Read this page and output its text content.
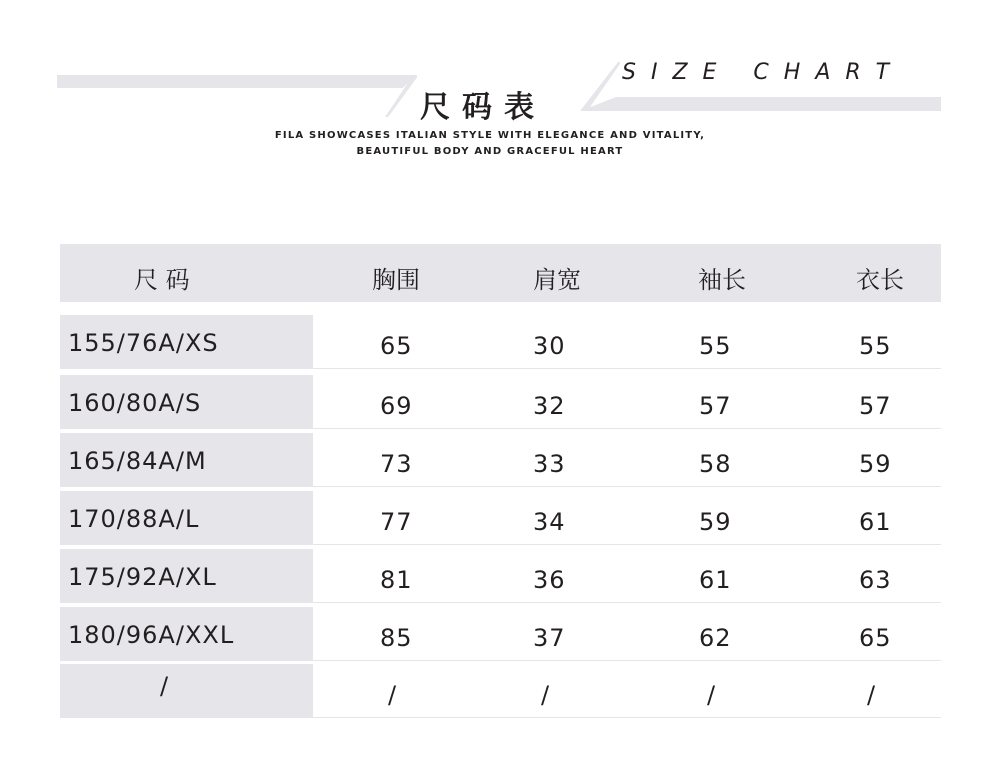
尺码表
SIZE CHART
FILA SHOWCASES ITALIAN STYLE WITH ELEGANCE AND VITALITY,
BEAUTIFUL BODY AND GRACEFUL HEART
尺 码	胸围	肩宽	袖长	衣长
155/76A/XS	65	30	55	55
160/80A/S	69	32	57	57
165/84A/M	73	33	58	59
170/88A/L	77	34	59	61
175/92A/XL	81	36	61	63
180/96A/XXL	85	37	62	65
/	/	/	/	/
